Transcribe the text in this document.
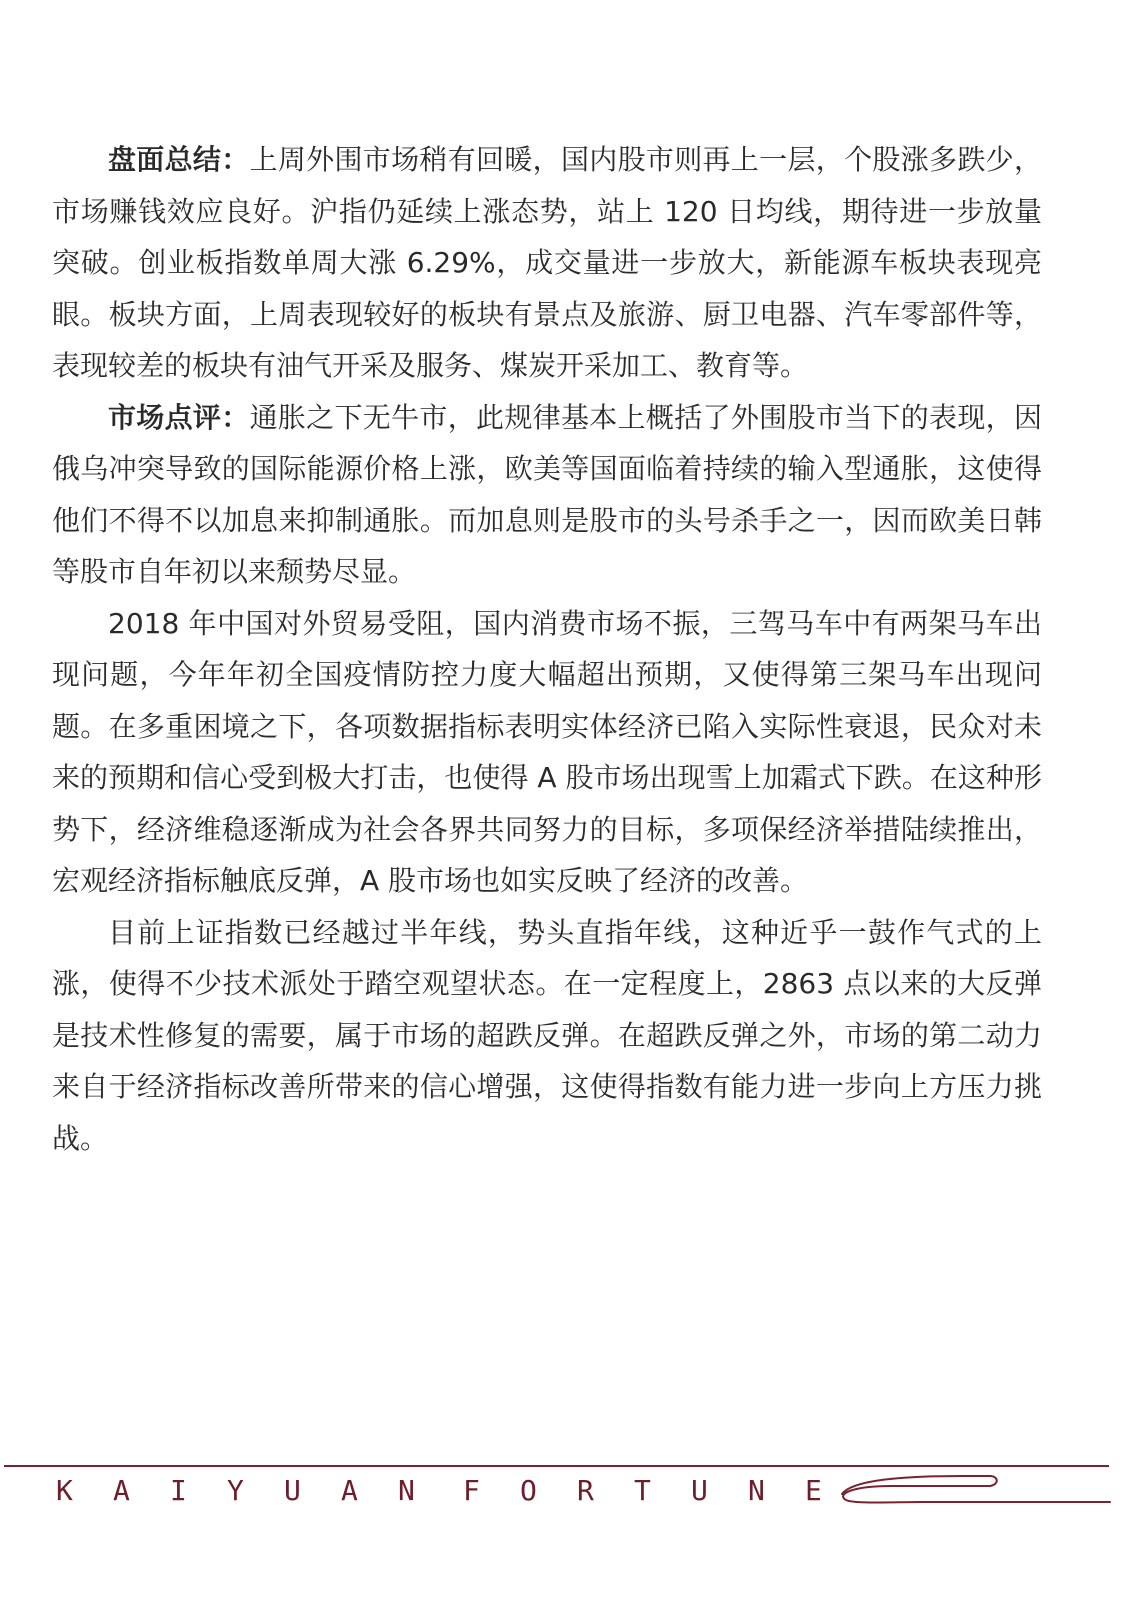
盘面总结：上周外围市场稍有回暖，国内股市则再上一层，个股涨多跌少，市场赚钱效应良好。沪指仍延续上涨态势，站上 120 日均线，期待进一步放量突破。创业板指数单周大涨 6.29%，成交量进一步放大，新能源车板块表现亮眼。板块方面，上周表现较好的板块有景点及旅游、厨卫电器、汽车零部件等，表现较差的板块有油气开采及服务、煤炭开采加工、教育等。

市场点评：通胀之下无牛市，此规律基本上概括了外围股市当下的表现，因俄乌冲突导致的国际能源价格上涨，欧美等国面临着持续的输入型通胀，这使得他们不得不以加息来抑制通胀。而加息则是股市的头号杀手之一，因而欧美日韩等股市自年初以来颓势尽显。

2018 年中国对外贸易受阻，国内消费市场不振，三驾马车中有两架马车出现问题，今年年初全国疫情防控力度大幅超出预期，又使得第三架马车出现问题。在多重困境之下，各项数据指标表明实体经济已陷入实际性衰退，民众对未来的预期和信心受到极大打击，也使得 A 股市场出现雪上加霜式下跌。在这种形势下，经济维稳逐渐成为社会各界共同努力的目标，多项保经济举措陆续推出，宏观经济指标触底反弹，A 股市场也如实反映了经济的改善。

目前上证指数已经越过半年线，势头直指年线，这种近乎一鼓作气式的上涨，使得不少技术派处于踏空观望状态。在一定程度上，2863 点以来的大反弹是技术性修复的需要，属于市场的超跌反弹。在超跌反弹之外，市场的第二动力来自于经济指标改善所带来的信心增强，这使得指数有能力进一步向上方压力挑战。

K A I Y U A N F O R T U N E
